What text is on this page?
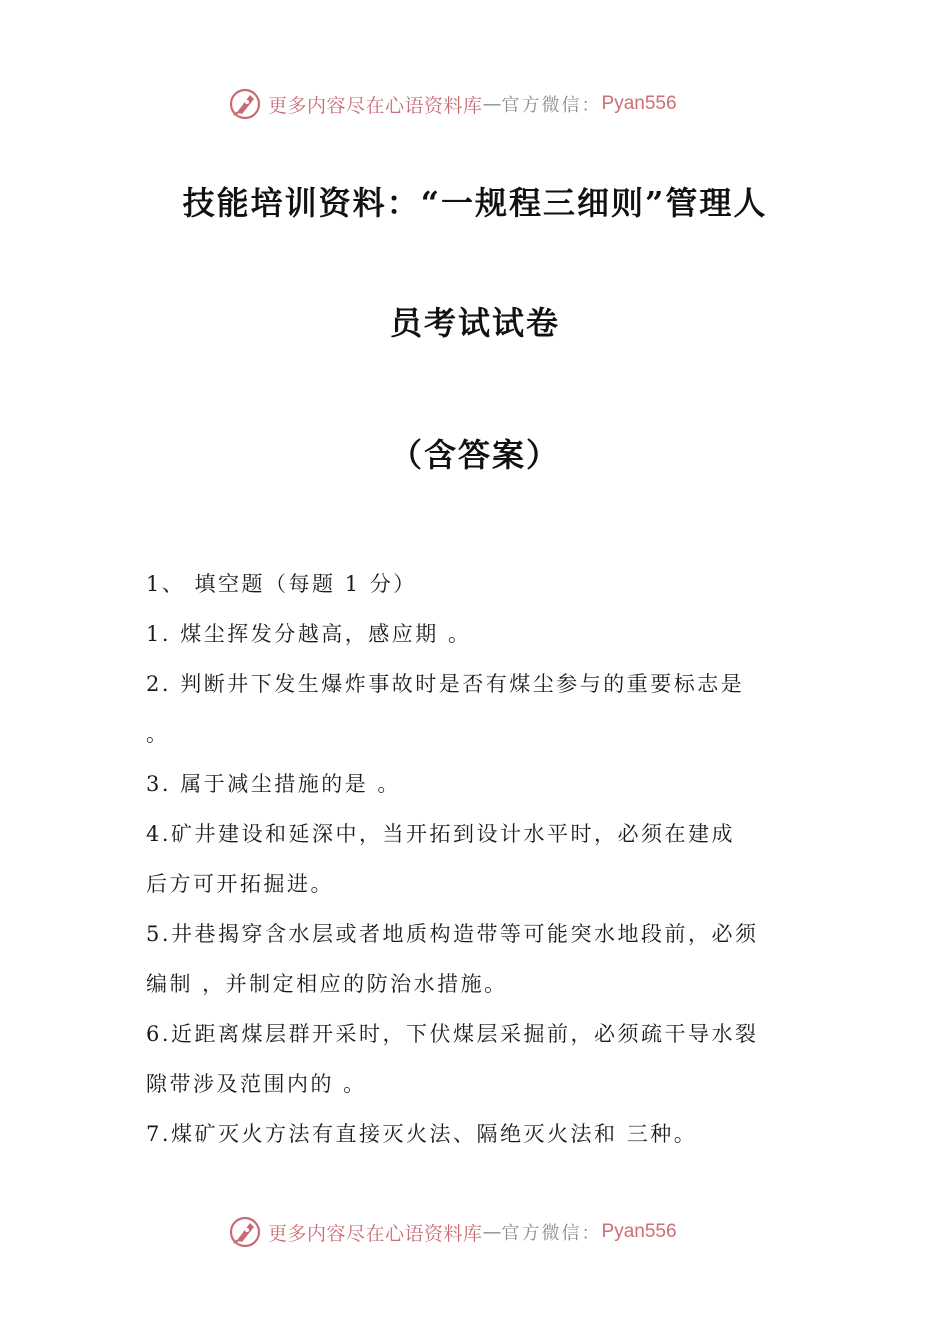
更多内容尽在心语资料库 — 官方微信： Pyan556
技能培训资料：“一规程三细则”管理人
员考试试卷
（含答案）
1、 填空题（每题 1 分）
1. 煤尘挥发分越高，感应期 。
2. 判断井下发生爆炸事故时是否有煤尘参与的重要标志是
。
3. 属于减尘措施的是 。
4.矿井建设和延深中，当开拓到设计水平时，必须在建成
后方可开拓掘进。
5.井巷揭穿含水层或者地质构造带等可能突水地段前，必须
编制 ，并制定相应的防治水措施。
6.近距离煤层群开采时，下伏煤层采掘前，必须疏干导水裂
隙带涉及范围内的 。
7.煤矿灭火方法有直接灭火法、隔绝灭火法和 三种。
更多内容尽在心语资料库 — 官方微信： Pyan556
